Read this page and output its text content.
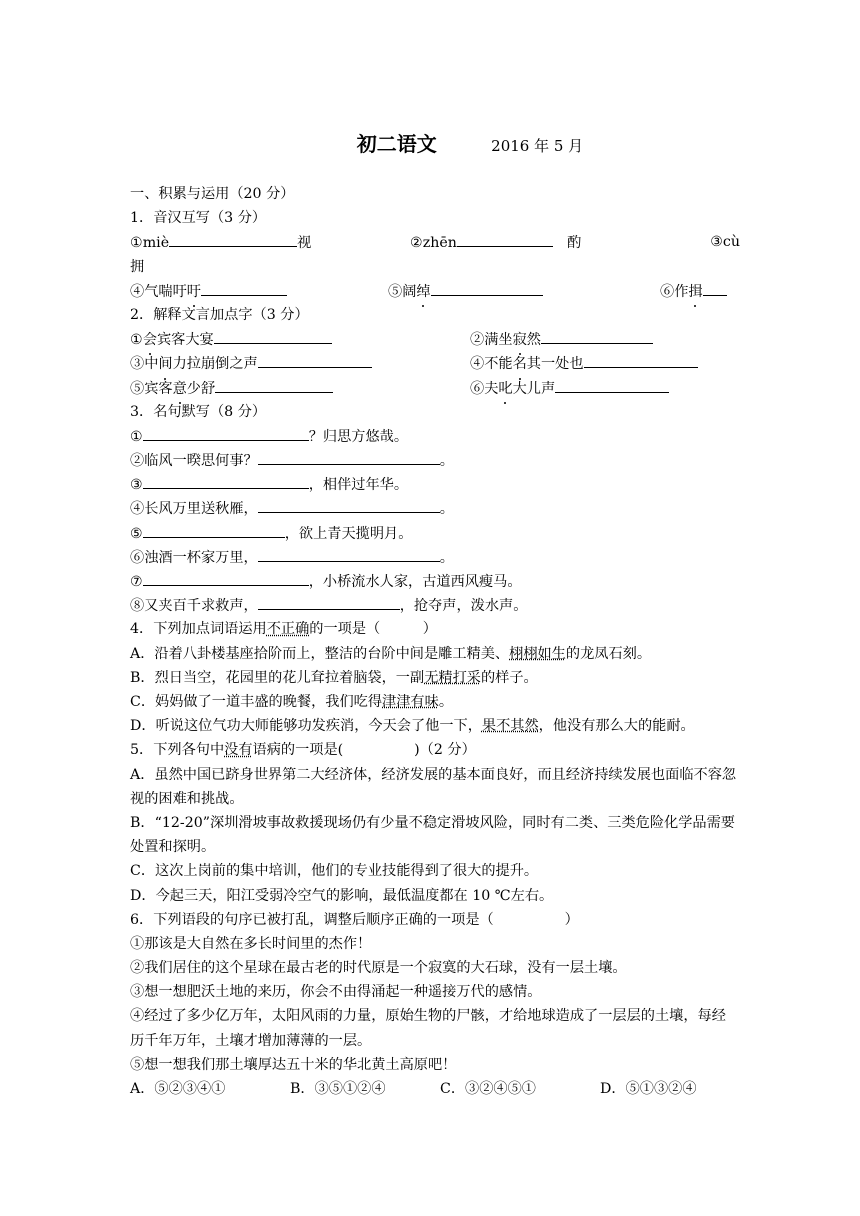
初二语文	2016 年 5 月
一、积累与运用（20 分）
1．音汉互写（3 分）
①miè	视	②zhēn　	酌	③cù
拥
④气喘吁吁	⑤阔绰	⑥作揖
2．解释文言加点字（3 分）
①会宾客大宴	②满坐寂然
③中间力拉崩倒之声	④不能名其一处也
⑤宾客意少舒	⑥夫叱大儿声
3．名句默写（8 分）
①	？归思方悠哉。
②临风一暌思何事？	。
③	，相伴过年华。
④长风万里送秋雁，	。
⑤	，欲上青天揽明月。
⑥浊酒一杯家万里，	。
⑦	，小桥流水人家，古道西风瘦马。
⑧又夹百千求救声，	，抢夺声，泼水声。
4．下列加点词语运用不正确的一项是（　　　）
A．沿着八卦楼基座拾阶而上，整洁的台阶中间是雕工精美、栩栩如生的龙凤石刻。
B．烈日当空，花园里的花儿耷拉着脑袋，一副无精打采的样子。
C．妈妈做了一道丰盛的晚餐，我们吃得津津有味。
D．听说这位气功大师能够功发疾消，今天会了他一下，果不其然，他没有那么大的能耐。
5．下列各句中没有语病的一项是(　　　　　)（2 分）
A．虽然中国已跻身世界第二大经济体，经济发展的基本面良好，而且经济持续发展也面临不容忽视的困难和挑战。
B．“12-20”深圳滑坡事故救援现场仍有少量不稳定滑坡风险，同时有二类、三类危险化学品需要处置和探明。
C．这次上岗前的集中培训，他们的专业技能得到了很大的提升。
D．今起三天，阳江受弱冷空气的影响，最低温度都在 10 ℃左右。
6．下列语段的句序已被打乱，调整后顺序正确的一项是（　　　　　）
①那该是大自然在多长时间里的杰作！
②我们居住的这个星球在最古老的时代原是一个寂寞的大石球，没有一层土壤。
③想一想肥沃土地的来历，你会不由得涌起一种遥接万代的感情。
④经过了多少亿万年，太阳风雨的力量，原始生物的尸骸，才给地球造成了一层层的土壤，每经历千年万年，土壤才增加薄薄的一层。
⑤想一想我们那土壤厚达五十米的华北黄土高原吧！
A．⑤②③④①	B．③⑤①②④	C．③②④⑤①	D．⑤①③②④
